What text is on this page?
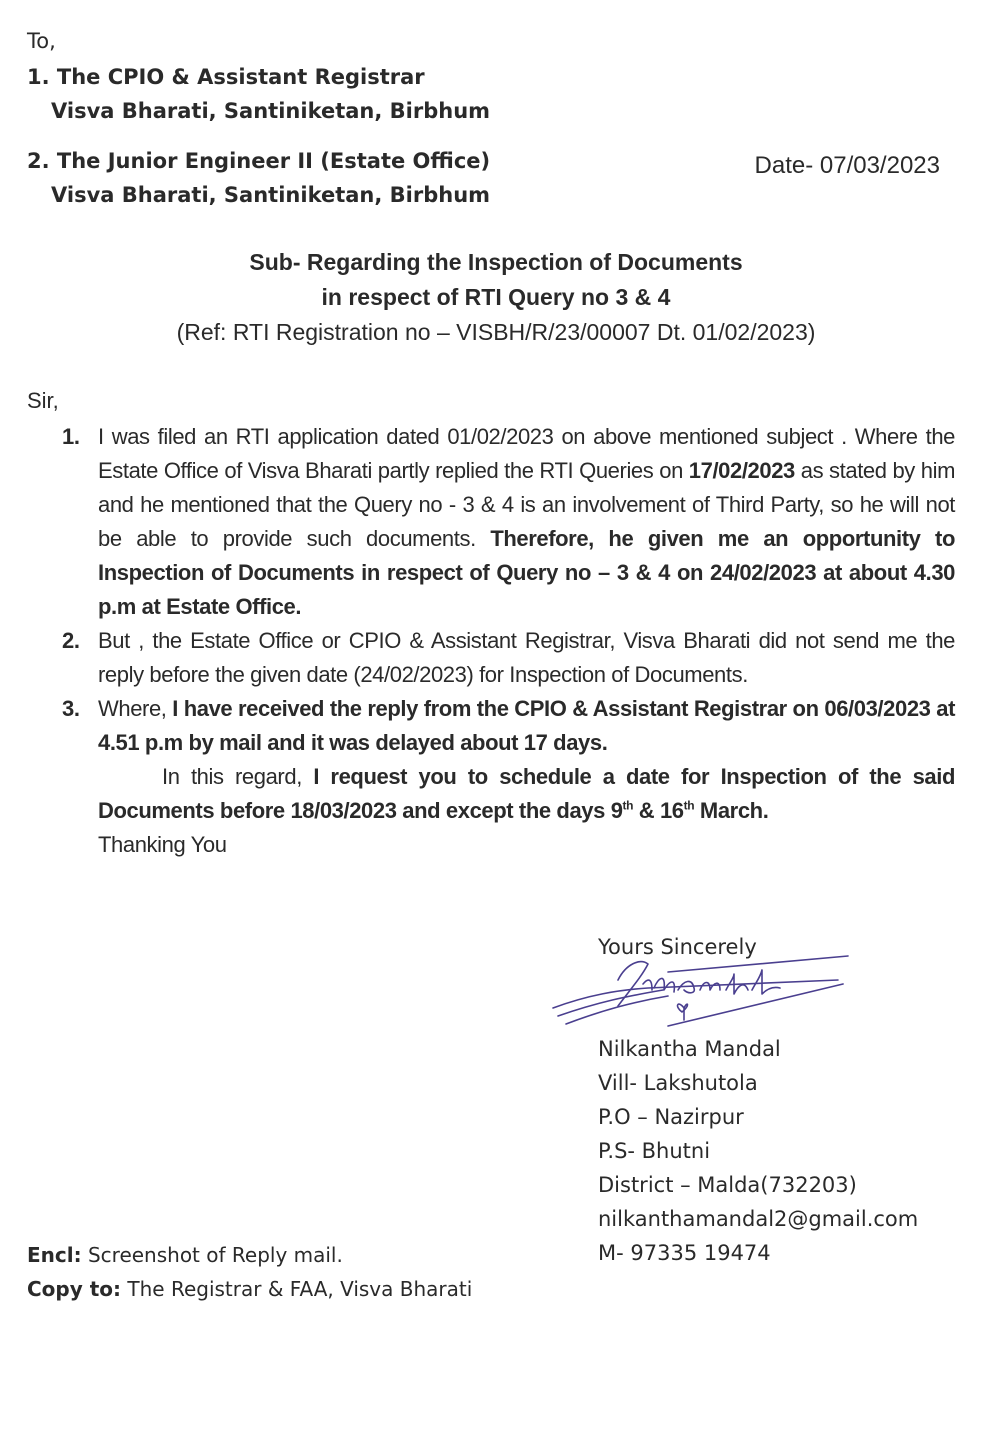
To,
1. The CPIO & Assistant Registrar
Visva Bharati, Santiniketan, Birbhum
2. The Junior Engineer II (Estate Office)
Visva Bharati, Santiniketan, Birbhum
Date- 07/03/2023
Sub- Regarding the Inspection of Documents
in respect of RTI Query no 3 & 4
(Ref: RTI Registration no – VISBH/R/23/00007 Dt. 01/02/2023)
Sir,
1. I was filed an RTI application dated 01/02/2023 on above mentioned subject . Where the Estate Office of Visva Bharati partly replied the RTI Queries on 17/02/2023 as stated by him and he mentioned that the Query no - 3 & 4 is an involvement of Third Party, so he will not be able to provide such documents. Therefore, he given me an opportunity to Inspection of Documents in respect of Query no – 3 & 4 on 24/02/2023 at about 4.30 p.m at Estate Office.
2. But , the Estate Office or CPIO & Assistant Registrar, Visva Bharati did not send me the reply before the given date (24/02/2023) for Inspection of Documents.
3. Where, I have received the reply from the CPIO & Assistant Registrar on 06/03/2023 at 4.51 p.m by mail and it was delayed about 17 days.
In this regard, I request you to schedule a date for Inspection of the said Documents before 18/03/2023 and except the days 9th & 16th March.
Thanking You
Yours Sincerely
Nilkantha Mandal
Vill- Lakshutola
P.O – Nazirpur
P.S- Bhutni
District – Malda(732203)
nilkanthamandal2@gmail.com
M- 97335 19474
Encl: Screenshot of Reply mail.
Copy to: The Registrar & FAA, Visva Bharati
